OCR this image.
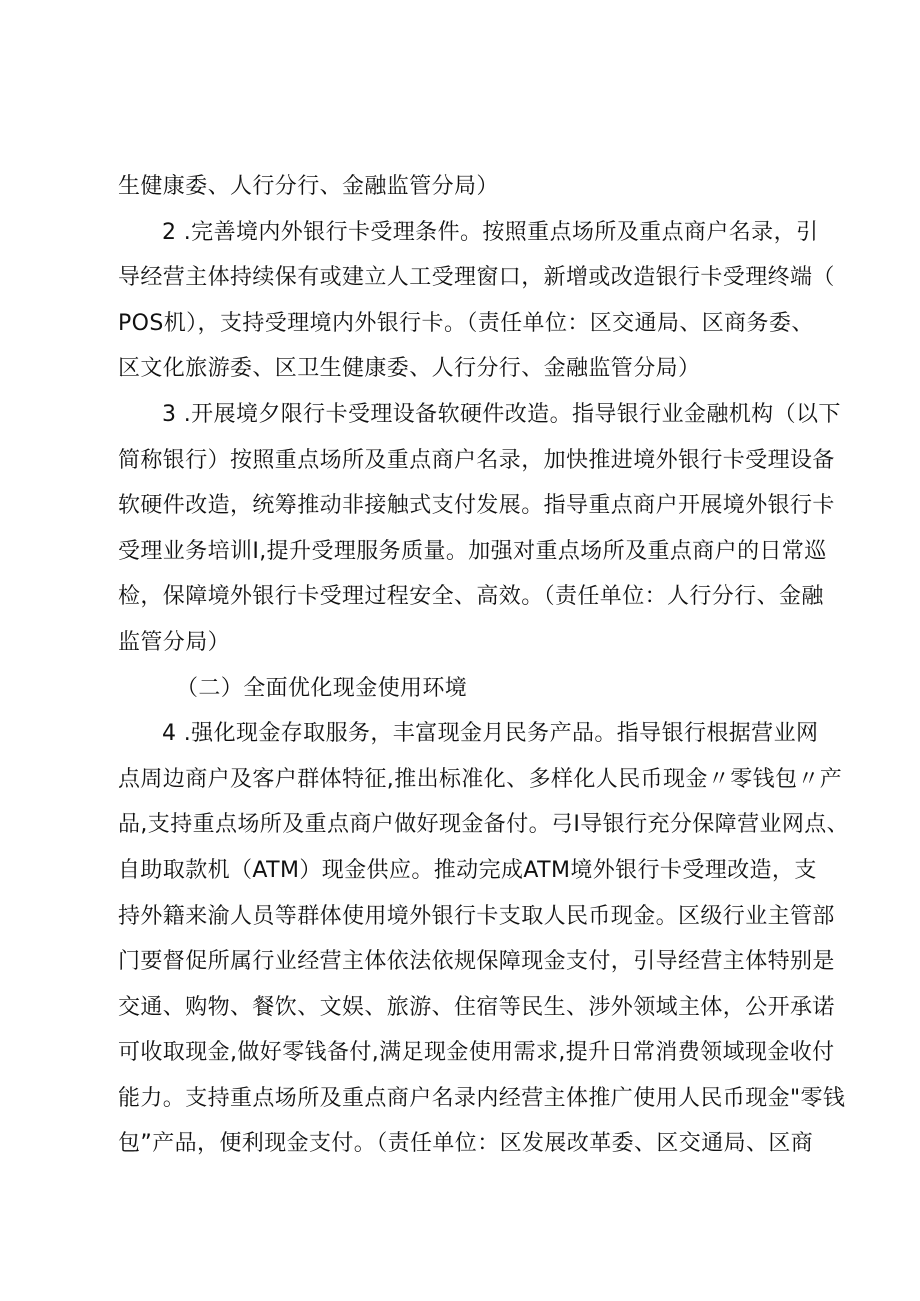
生健康委、人行分行、金融监管分局）
2 .完善境内外银行卡受理条件。按照重点场所及重点商户名录，引
导经营主体持续保有或建立人工受理窗口，新增或改造银行卡受理终端（
POS机），支持受理境内外银行卡。（责任单位：区交通局、区商务委、
区文化旅游委、区卫生健康委、人行分行、金融监管分局）
3 .开展境夕限行卡受理设备软硬件改造。指导银行业金融机构（以下
简称银行）按照重点场所及重点商户名录，加快推进境外银行卡受理设备
软硬件改造，统筹推动非接触式支付发展。指导重点商户开展境外银行卡
受理业务培训I,提升受理服务质量。加强对重点场所及重点商户的日常巡
检，保障境外银行卡受理过程安全、高效。（责任单位：人行分行、金融
监管分局）
（二）全面优化现金使用环境
4 .强化现金存取服务，丰富现金月民务产品。指导银行根据营业网
点周边商户及客户群体特征,推出标准化、多样化人民币现金〃零钱包〃产
品,支持重点场所及重点商户做好现金备付。弓I导银行充分保障营业网点、
自助取款机（ATM）现金供应。推动完成ATM境外银行卡受理改造，支
持外籍来渝人员等群体使用境外银行卡支取人民币现金。区级行业主管部
门要督促所属行业经营主体依法依规保障现金支付，引导经营主体特别是
交通、购物、餐饮、文娱、旅游、住宿等民生、涉外领域主体，公开承诺
可收取现金,做好零钱备付,满足现金使用需求,提升日常消费领域现金收付
能力。支持重点场所及重点商户名录内经营主体推广使用人民币现金"零钱
包”产品，便利现金支付。（责任单位：区发展改革委、区交通局、区商
